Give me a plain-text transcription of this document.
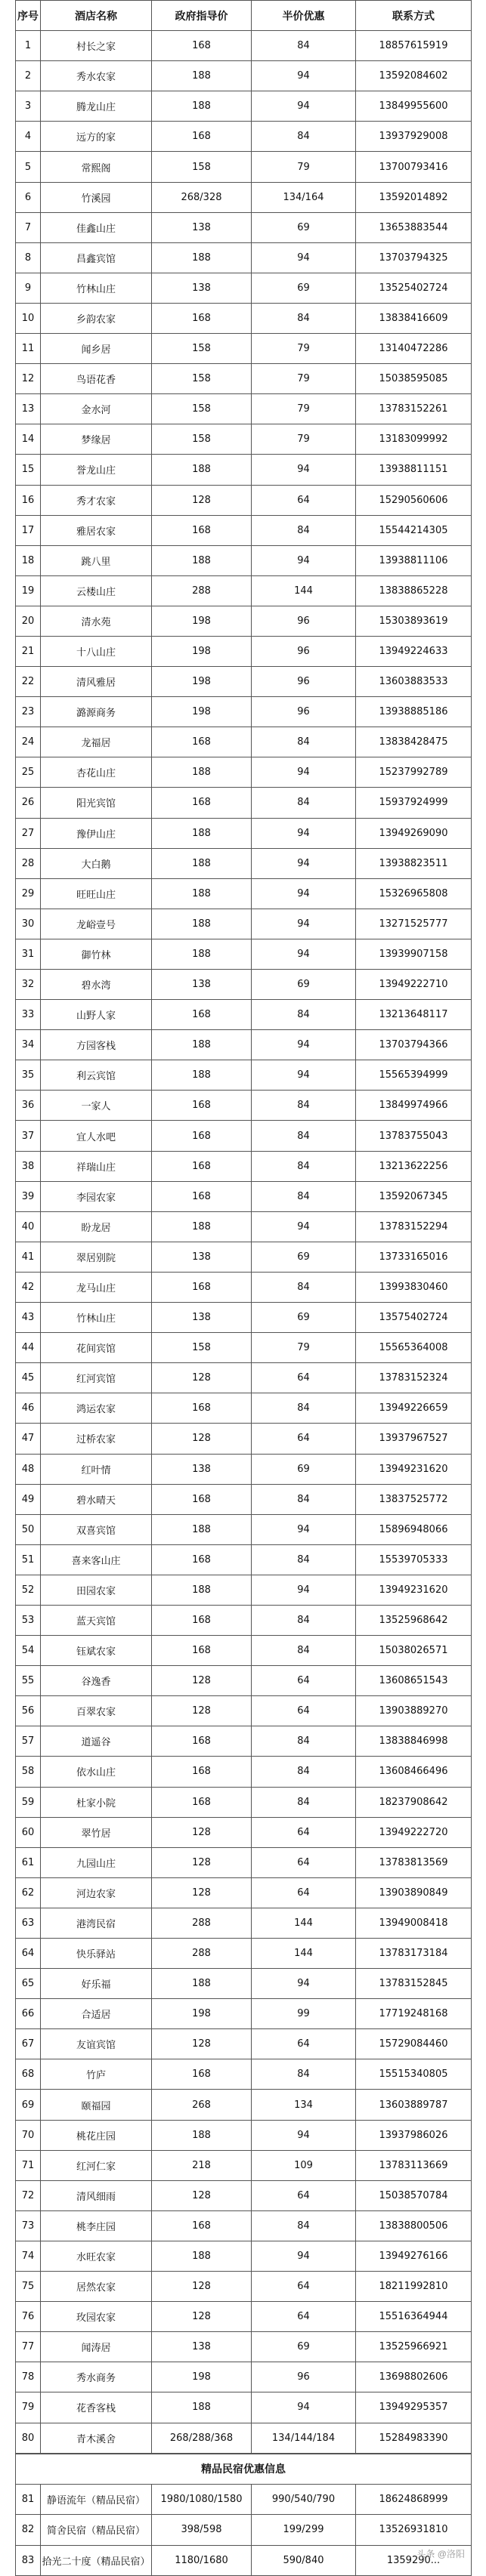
序号	酒店名称	政府指导价	半价优惠	联系方式
1	村长之家	168	84	18857615919
2	秀水农家	188	94	13592084602
3	腾龙山庄	188	94	13849955600
4	远方的家	168	84	13937929008
5	常熙阁	158	79	13700793416
6	竹溪园	268/328	134/164	13592014892
7	佳鑫山庄	138	69	13653883544
8	昌鑫宾馆	188	94	13703794325
9	竹林山庄	138	69	13525402724
10	乡韵农家	168	84	13838416609
11	闻乡居	158	79	13140472286
12	鸟语花香	158	79	15038595085
13	金水河	158	79	13783152261
14	梦缘居	158	79	13183099992
15	誉龙山庄	188	94	13938811151
16	秀才农家	128	64	15290560606
17	雅居农家	168	84	15544214305
18	跳八里	188	94	13938811106
19	云楼山庄	288	144	13838865228
20	清水苑	198	96	15303893619
21	十八山庄	198	96	13949224633
22	清风雅居	198	96	13603883533
23	潞源商务	198	96	13938885186
24	龙福居	168	84	13838428475
25	杏花山庄	188	94	15237992789
26	阳光宾馆	168	84	15937924999
27	豫伊山庄	188	94	13949269090
28	大白鹅	188	94	13938823511
29	旺旺山庄	188	94	15326965808
30	龙峪壹号	188	94	13271525777
31	御竹林	188	94	13939907158
32	碧水湾	138	69	13949222710
33	山野人家	168	84	13213648117
34	方园客栈	188	94	13703794366
35	利云宾馆	188	94	15565394999
36	一家人	168	84	13849974966
37	宜人水吧	168	84	13783755043
38	祥瑞山庄	168	84	13213622256
39	李园农家	168	84	13592067345
40	盼龙居	188	94	13783152294
41	翠居别院	138	69	13733165016
42	龙马山庄	168	84	13993830460
43	竹林山庄	138	69	13575402724
44	花间宾馆	158	79	15565364008
45	红河宾馆	128	64	13783152324
46	鸿运农家	168	84	13949226659
47	过桥农家	128	64	13937967527
48	红叶情	138	69	13949231620
49	碧水晴天	168	84	13837525772
50	双喜宾馆	188	94	15896948066
51	喜来客山庄	168	84	15539705333
52	田园农家	188	94	13949231620
53	蓝天宾馆	168	84	13525968642
54	钰斌农家	168	84	15038026571
55	谷逸香	128	64	13608651543
56	百翠农家	128	64	13903889270
57	道遥谷	168	84	13838846998
58	依水山庄	168	84	13608466496
59	杜家小院	168	84	18237908642
60	翠竹居	128	64	13949222720
61	九园山庄	128	64	13783813569
62	河边农家	128	64	13903890849
63	港湾民宿	288	144	13949008418
64	快乐驿站	288	144	13783173184
65	好乐福	188	94	13783152845
66	合适居	198	99	17719248168
67	友谊宾馆	128	64	15729084460
68	竹庐	168	84	15515340805
69	颐福园	268	134	13603889787
70	桃花庄园	188	94	13937986026
71	红河仁家	218	109	13783113669
72	清风细雨	128	64	15038570784
73	桃李庄园	168	84	13838800506
74	水旺农家	188	94	13949276166
75	居然农家	128	64	18211992810
76	玫园农家	128	64	15516364944
77	闻涛居	138	69	13525966921
78	秀水商务	198	96	13698802606
79	花香客栈	188	94	13949295357
80	青木溪舍	268/288/368	134/144/184	15284983390
精品民宿优惠信息				
81	静语流年（精品民宿）	1980/1080/1580	990/540/790	18624868999
82	简舍民宿（精品民宿）	398/598	199/299	13526931810
83	拾光二十度（精品民宿）	1180/1680	590/840	1359290...
头条 @洛阳
